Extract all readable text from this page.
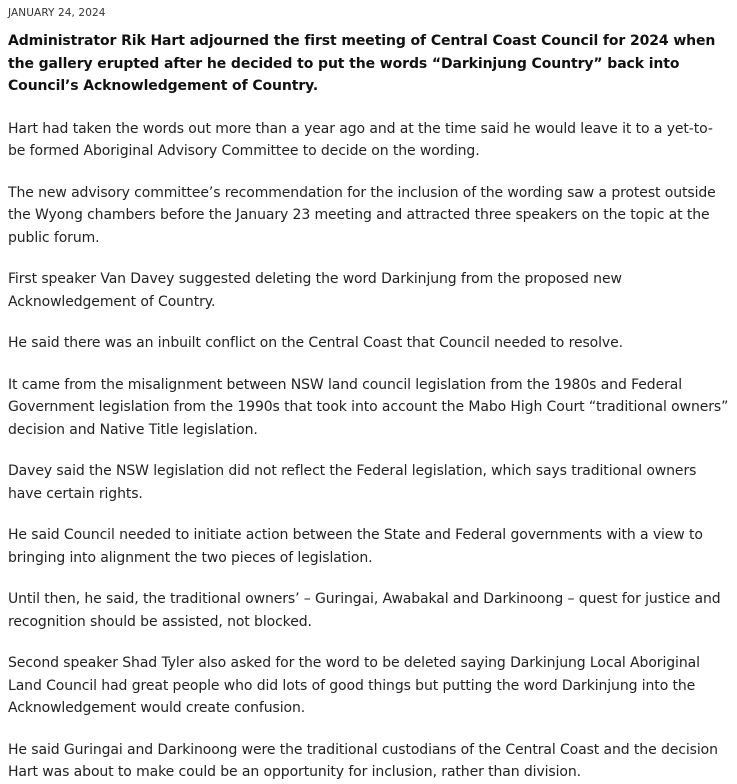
JANUARY 24, 2024

Administrator Rik Hart adjourned the first meeting of Central Coast Council for 2024 when the gallery erupted after he decided to put the words “Darkinjung Country” back into Council’s Acknowledgement of Country.

Hart had taken the words out more than a year ago and at the time said he would leave it to a yet-to-be formed Aboriginal Advisory Committee to decide on the wording.

The new advisory committee’s recommendation for the inclusion of the wording saw a protest outside the Wyong chambers before the January 23 meeting and attracted three speakers on the topic at the public forum.

First speaker Van Davey suggested deleting the word Darkinjung from the proposed new Acknowledgement of Country.

He said there was an inbuilt conflict on the Central Coast that Council needed to resolve.

It came from the misalignment between NSW land council legislation from the 1980s and Federal Government legislation from the 1990s that took into account the Mabo High Court “traditional owners” decision and Native Title legislation.

Davey said the NSW legislation did not reflect the Federal legislation, which says traditional owners have certain rights.

He said Council needed to initiate action between the State and Federal governments with a view to bringing into alignment the two pieces of legislation.

Until then, he said, the traditional owners’ – Guringai, Awabakal and Darkinoong – quest for justice and recognition should be assisted, not blocked.

Second speaker Shad Tyler also asked for the word to be deleted saying Darkinjung Local Aboriginal Land Council had great people who did lots of good things but putting the word Darkinjung into the Acknowledgement would create confusion.

He said Guringai and Darkinoong were the traditional custodians of the Central Coast and the decision Hart was about to make could be an opportunity for inclusion, rather than division.
